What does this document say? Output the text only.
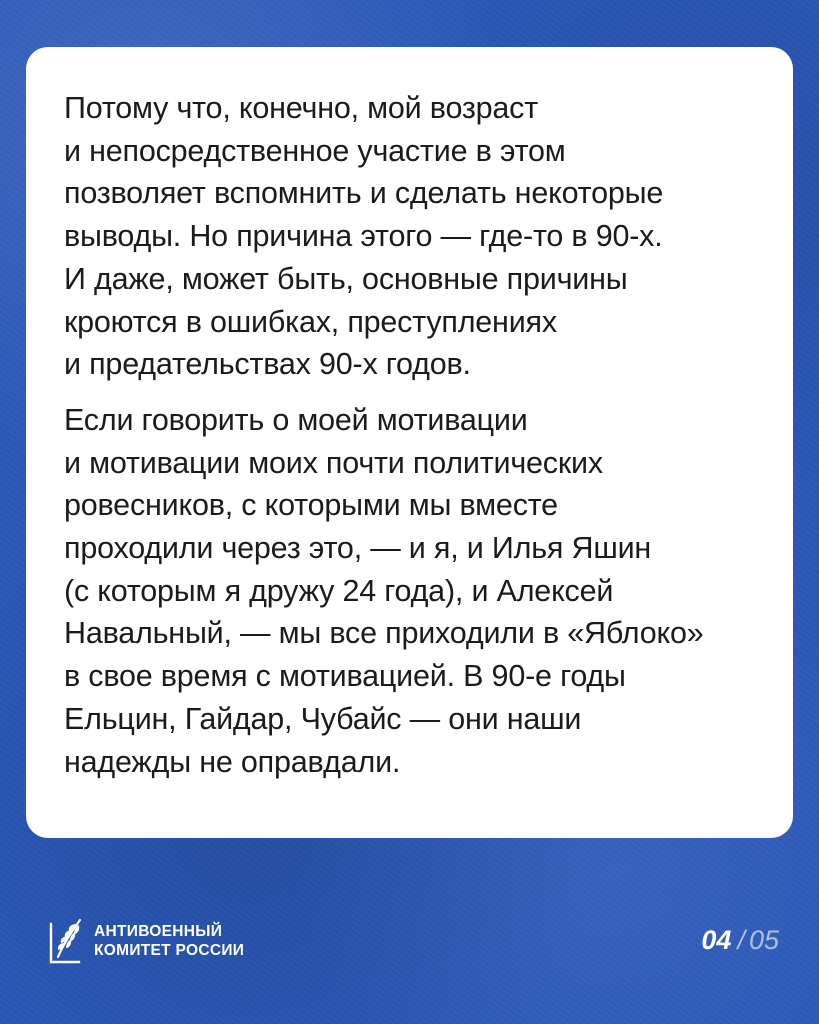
Потому что, конечно, мой возраст
и непосредственное участие в этом
позволяет вспомнить и сделать некоторые
выводы. Но причина этого — где-то в 90-х.
И даже, может быть, основные причины
кроются в ошибках, преступлениях
и предательствах 90-х годов.

Если говорить о моей мотивации
и мотивации моих почти политических
ровесников, с которыми мы вместе
проходили через это, — и я, и Илья Яшин
(с которым я дружу 24 года), и Алексей
Навальный, — мы все приходили в «Яблоко»
в свое время с мотивацией. В 90-е годы
Ельцин, Гайдар, Чубайс — они наши
надежды не оправдали.

АНТИВОЕННЫЙ
КОМИТЕТ РОССИИ	04 / 05
